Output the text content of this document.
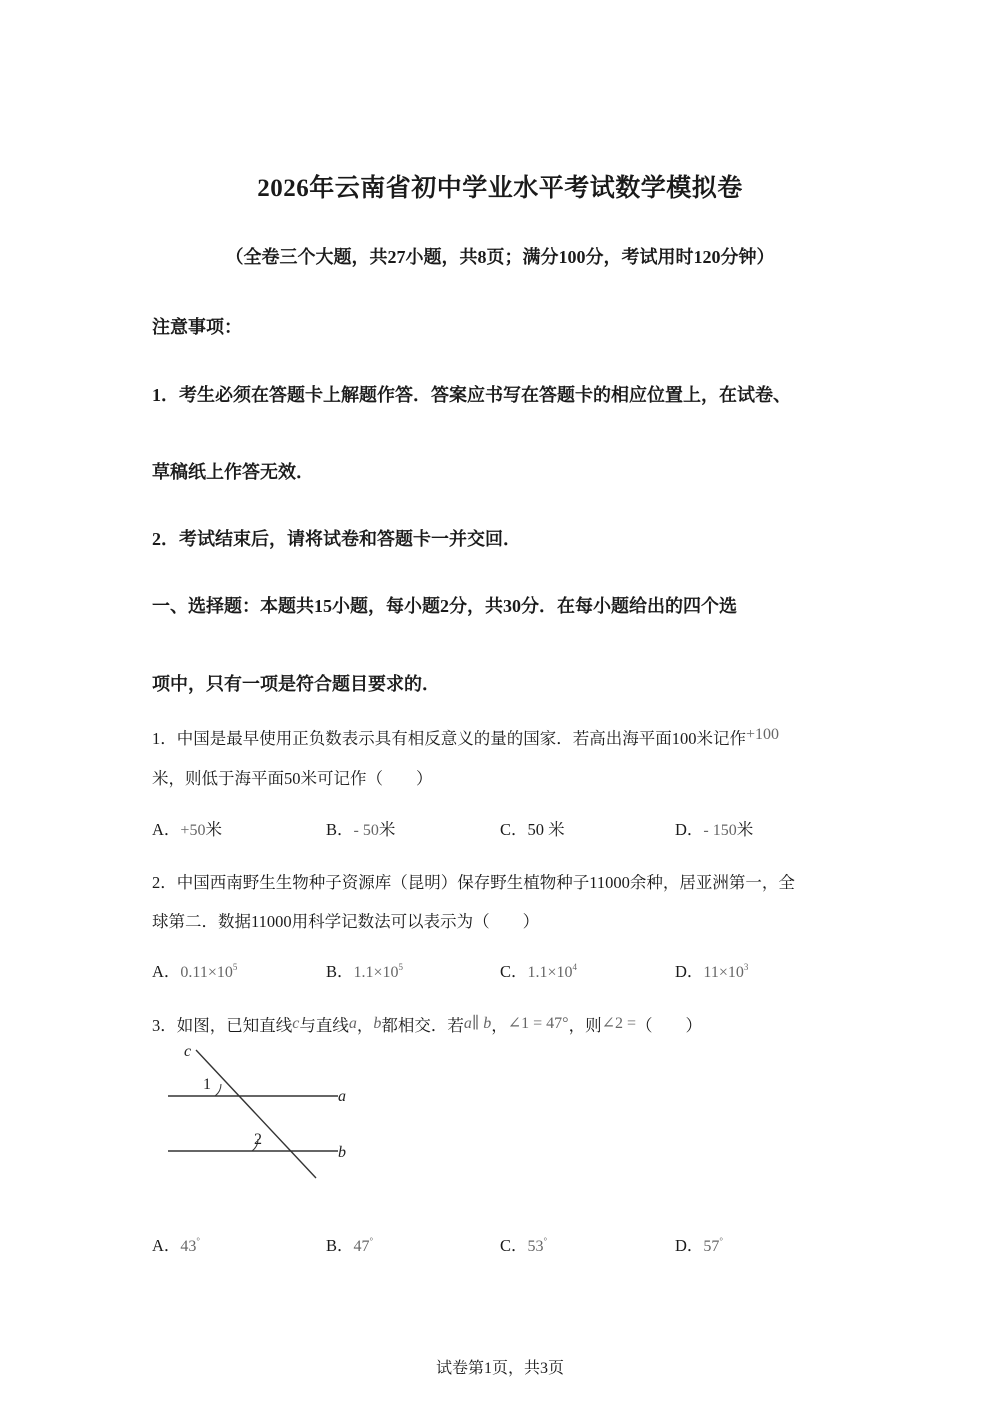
2026年云南省初中学业水平考试数学模拟卷
（全卷三个大题，共27小题，共8页；满分100分，考试用时120分钟）
注意事项：
1．考生必须在答题卡上解题作答．答案应书写在答题卡的相应位置上，在试卷、
草稿纸上作答无效．
2．考试结束后，请将试卷和答题卡一并交回．
一、选择题：本题共15小题，每小题2分，共30分．在每小题给出的四个选
项中，只有一项是符合题目要求的．
1．中国是最早使用正负数表示具有相反意义的量的国家．若高出海平面100米记作+100
米，则低于海平面50米可记作（　　）
A．+50米	B．- 50米	C．50 米	D．- 150米
2．中国西南野生生物种子资源库（昆明）保存野生植物种子11000余种，居亚洲第一，全
球第二．数据11000用科学记数法可以表示为（　　）
A．$0.11\times 10^5$	B．$1.1\times 10^5$	C．$1.1\times 10^4$	D．$11\times 10^3$
3．如图，已知直线c与直线a，b都相交．若a∥ b，∠1 = 47°，则∠2 =（　　）
c
a
b
1
2
A．43°	B．47°	C．53°	D．57°
试卷第1页，共3页
